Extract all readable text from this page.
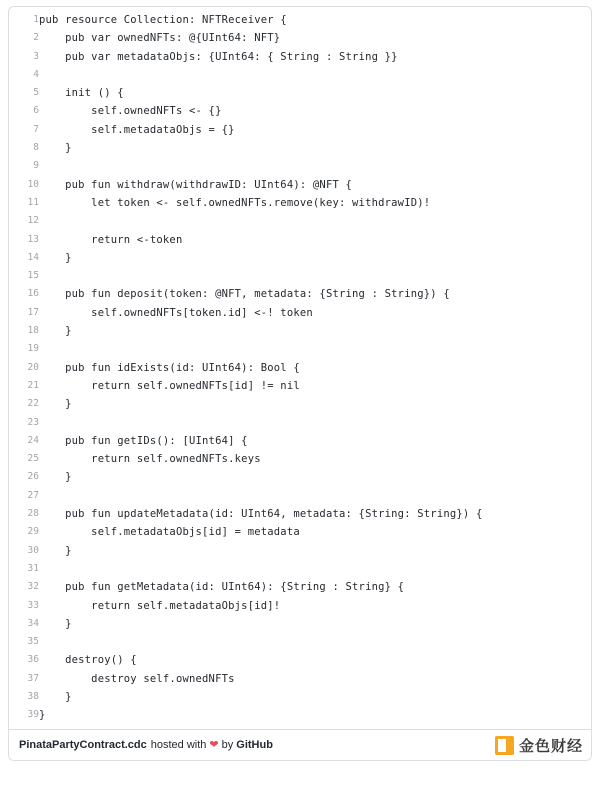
1	pub resource Collection: NFTReceiver {
2	pub var ownedNFTs: @{UInt64: NFT}
3	pub var metadataObjs: {UInt64: { String : String }}
4	
5	init () {
6	self.ownedNFTs <- {}
7	self.metadataObjs = {}
8	}
9	
10	pub fun withdraw(withdrawID: UInt64): @NFT {
11	let token <- self.ownedNFTs.remove(key: withdrawID)!
12	
13	return <-token
14	}
15	
16	pub fun deposit(token: @NFT, metadata: {String : String}) {
17	self.ownedNFTs[token.id] <-! token
18	}
19	
20	pub fun idExists(id: UInt64): Bool {
21	return self.ownedNFTs[id] != nil
22	}
23	
24	pub fun getIDs(): [UInt64] {
25	return self.ownedNFTs.keys
26	}
27	
28	pub fun updateMetadata(id: UInt64, metadata: {String: String}) {
29	self.metadataObjs[id] = metadata
30	}
31	
32	pub fun getMetadata(id: UInt64): {String : String} {
33	return self.metadataObjs[id]!
34	}
35	
36	destroy() {
37	destroy self.ownedNFTs
38	}
39	}
PinataPartyContract.cdc hosted with ❤ by GitHub	金色财经
